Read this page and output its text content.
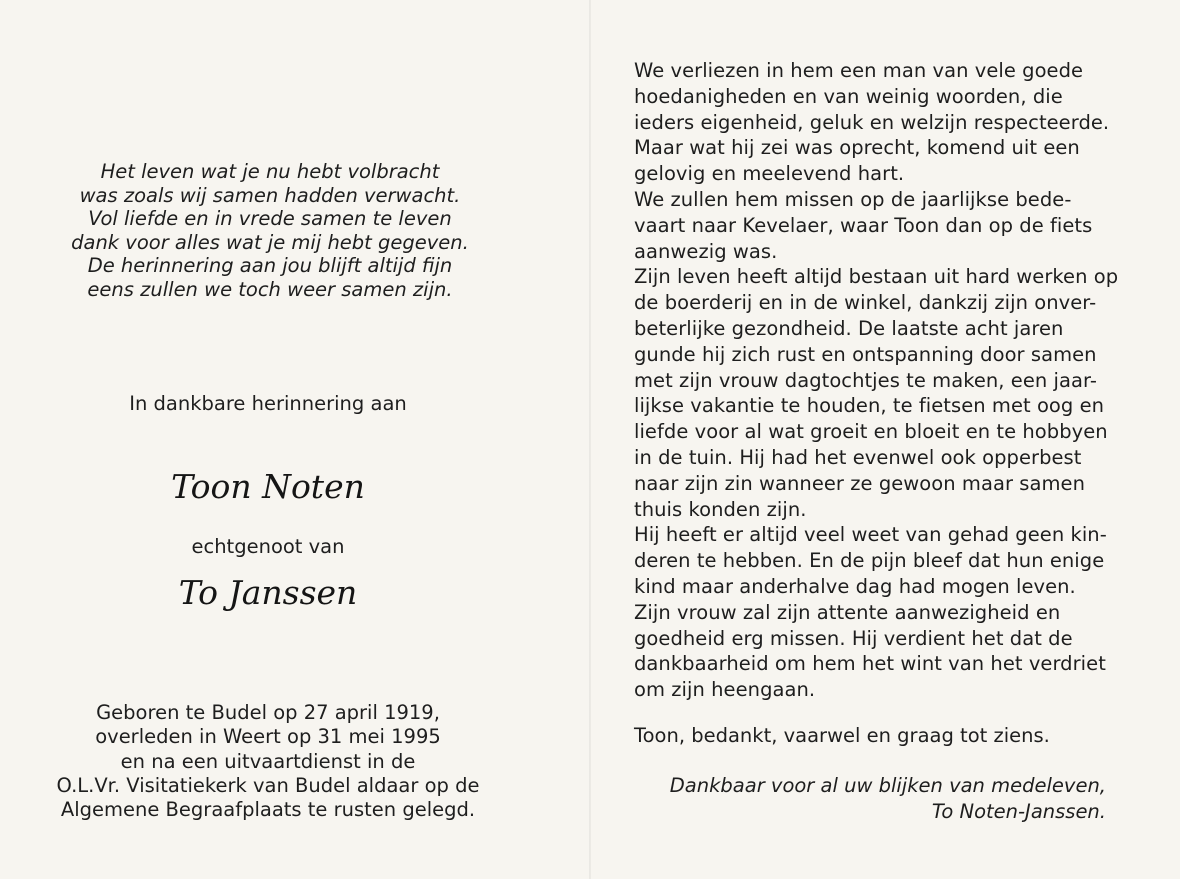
Het leven wat je nu hebt volbracht
was zoals wij samen hadden verwacht.
Vol liefde en in vrede samen te leven
dank voor alles wat je mij hebt gegeven.
De herinnering aan jou blijft altijd fijn
eens zullen we toch weer samen zijn.
In dankbare herinnering aan
Toon Noten
echtgenoot van
To Janssen
Geboren te Budel op 27 april 1919,
overleden in Weert op 31 mei 1995
en na een uitvaartdienst in de
O.L.Vr. Visitatiekerk van Budel aldaar op de
Algemene Begraafplaats te rusten gelegd.
We verliezen in hem een man van vele goede
hoedanigheden en van weinig woorden, die
ieders eigenheid, geluk en welzijn respecteerde.
Maar wat hij zei was oprecht, komend uit een
gelovig en meelevend hart.
We zullen hem missen op de jaarlijkse bede-
vaart naar Kevelaer, waar Toon dan op de fiets
aanwezig was.
Zijn leven heeft altijd bestaan uit hard werken op
de boerderij en in de winkel, dankzij zijn onver-
beterlijke gezondheid. De laatste acht jaren
gunde hij zich rust en ontspanning door samen
met zijn vrouw dagtochtjes te maken, een jaar-
lijkse vakantie te houden, te fietsen met oog en
liefde voor al wat groeit en bloeit en te hobbyen
in de tuin. Hij had het evenwel ook opperbest
naar zijn zin wanneer ze gewoon maar samen
thuis konden zijn.
Hij heeft er altijd veel weet van gehad geen kin-
deren te hebben. En de pijn bleef dat hun enige
kind maar anderhalve dag had mogen leven.
Zijn vrouw zal zijn attente aanwezigheid en
goedheid erg missen. Hij verdient het dat de
dankbaarheid om hem het wint van het verdriet
om zijn heengaan.
Toon, bedankt, vaarwel en graag tot ziens.
Dankbaar voor al uw blijken van medeleven,
To Noten-Janssen.
